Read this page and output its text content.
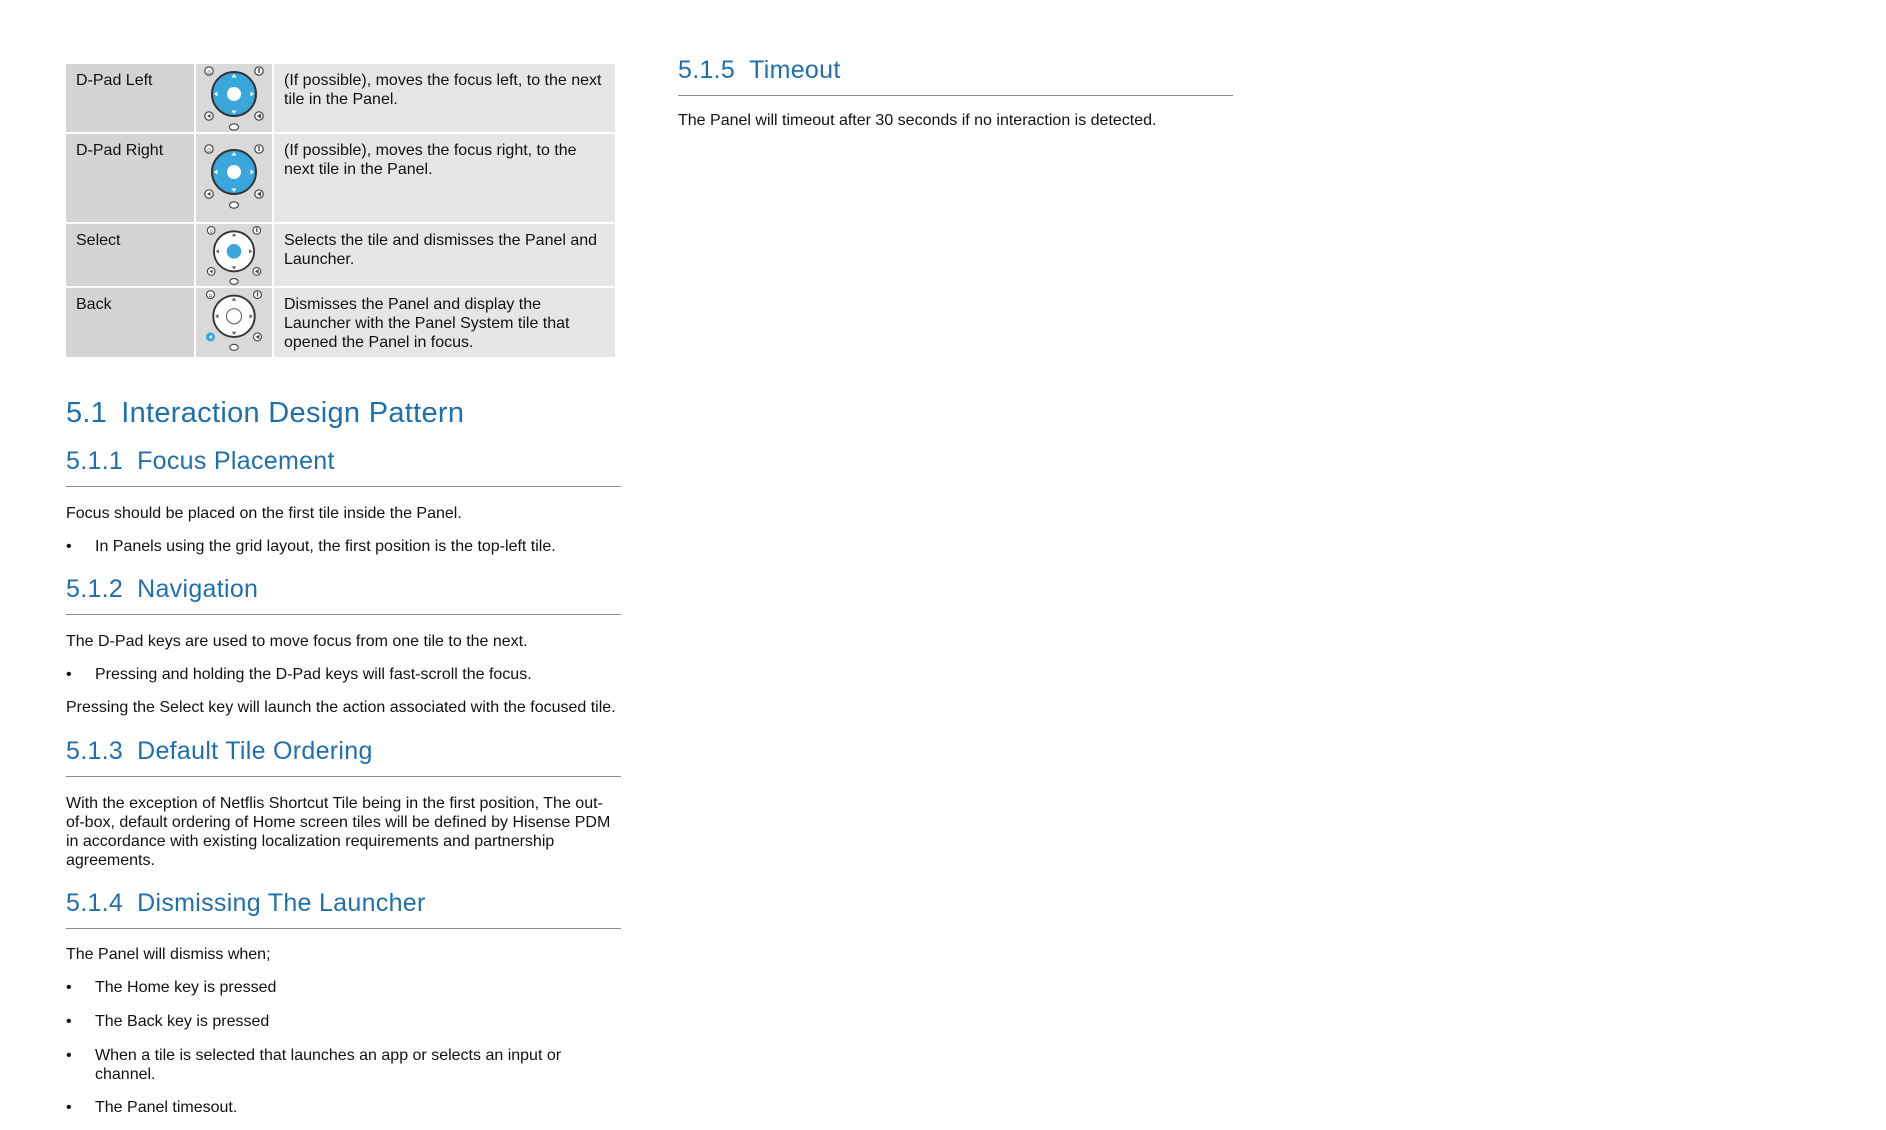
D-Pad Left		(If possible), moves the focus left, to the next tile in the Panel.
D-Pad Right		(If possible), moves the focus right, to the next tile in the Panel.
Select		Selects the tile and dismisses the Panel and Launcher.
Back		Dismisses the Panel and display the Launcher with the Panel System tile that opened the Panel in focus.
5.1 Interaction Design Pattern
5.1.1 Focus Placement

Focus should be placed on the first tile inside the Panel.

• In Panels using the grid layout, the first position is the top-left tile.
5.1.2 Navigation

The D-Pad keys are used to move focus from one tile to the next.

• Pressing and holding the D-Pad keys will fast-scroll the focus.

Pressing the Select key will launch the action associated with the focused tile.

5.1.3 Default Tile Ordering

With the exception of Netflis Shortcut Tile being in the first position, The out-of-box, default ordering of Home screen tiles will be defined by Hisense PDM in accordance with existing localization requirements and partnership agreements.

5.1.4 Dismissing The Launcher

The Panel will dismiss when;

• The Home key is pressed
• The Back key is pressed
• When a tile is selected that launches an app or selects an input or channel.
• The Panel timesout.
5.1.5 Timeout

The Panel will timeout after 30 seconds if no interaction is detected.
